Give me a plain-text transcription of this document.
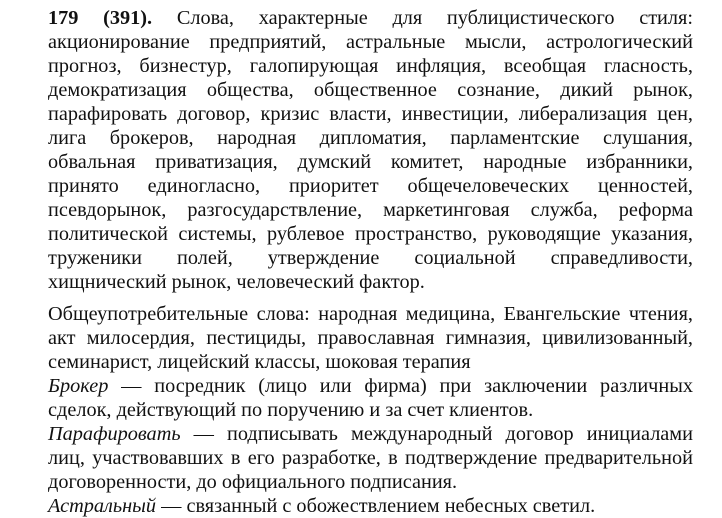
179 (391). Слова, характерные для публицистического стиля: акционирование предприятий, астральные мысли, астрологический прогноз, бизнестур, галопирующая инфляция, всеобщая гласность, демократизация общества, общественное сознание, дикий рынок, парафировать договор, кризис власти, инвестиции, либерализация цен, лига брокеров, народная дипломатия, парламентские слушания, обвальная приватизация, думский комитет, народные избранники, принято единогласно, приоритет общечеловеческих ценностей, псевдорынок, разгосударствление, маркетинговая служба, реформа политической системы, рублевое пространство, руководящие указания, труженики полей, утверждение социальной справедливости, хищнический рынок, человеческий фактор.

Общеупотребительные слова: народная медицина, Евангельские чтения, акт милосердия, пестициды, православная гимназия, цивилизованный, семинарист, лицейский классы, шоковая терапия

Брокер — посредник (лицо или фирма) при заключении различных сделок, действующий по поручению и за счет клиентов.

Парафировать — подписывать международный договор инициалами лиц, участвовавших в его разработке, в подтверждение предварительной договоренности, до официального подписания.

Астральный — связанный с обожествлением небесных светил.
